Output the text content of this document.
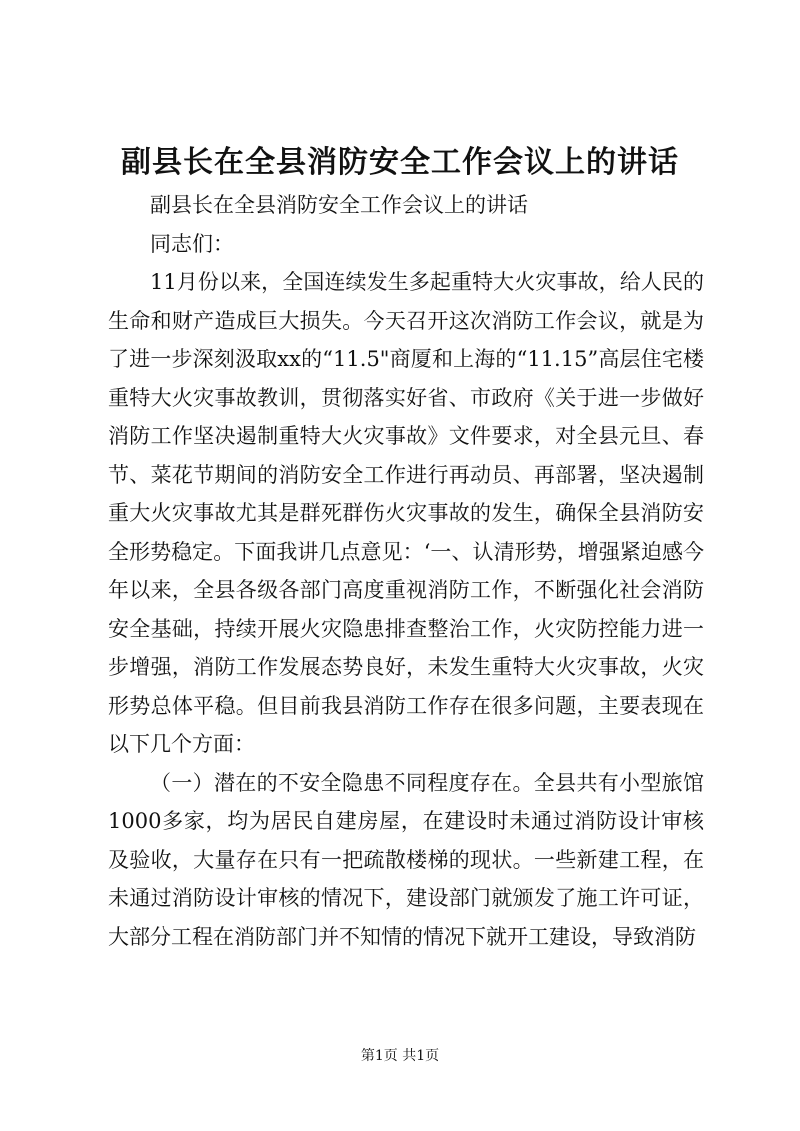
副县长在全县消防安全工作会议上的讲话

副县长在全县消防安全工作会议上的讲话

同志们：

11月份以来，全国连续发生多起重特大火灾事故，给人民的生命和财产造成巨大损失。今天召开这次消防工作会议，就是为了进一步深刻汲取xx的“11.5"商厦和上海的“11.15”高层住宅楼重特大火灾事故教训，贯彻落实好省、市政府《关于进一步做好消防工作坚决遏制重特大火灾事故》文件要求，对全县元旦、春节、菜花节期间的消防安全工作进行再动员、再部署，坚决遏制重大火灾事故尤其是群死群伤火灾事故的发生，确保全县消防安全形势稳定。下面我讲几点意见：‘一、认清形势，增强紧迫感今年以来，全县各级各部门高度重视消防工作，不断强化社会消防安全基础，持续开展火灾隐患排查整治工作，火灾防控能力进一步增强，消防工作发展态势良好，未发生重特大火灾事故，火灾形势总体平稳。但目前我县消防工作存在很多问题，主要表现在以下几个方面：

（一）潜在的不安全隐患不同程度存在。全县共有小型旅馆1000多家，均为居民自建房屋，在建设时未通过消防设计审核及验收，大量存在只有一把疏散楼梯的现状。一些新建工程，在未通过消防设计审核的情况下，建设部门就颁发了施工许可证，大部分工程在消防部门并不知情的情况下就开工建设，导致消防

第1页 共1页
